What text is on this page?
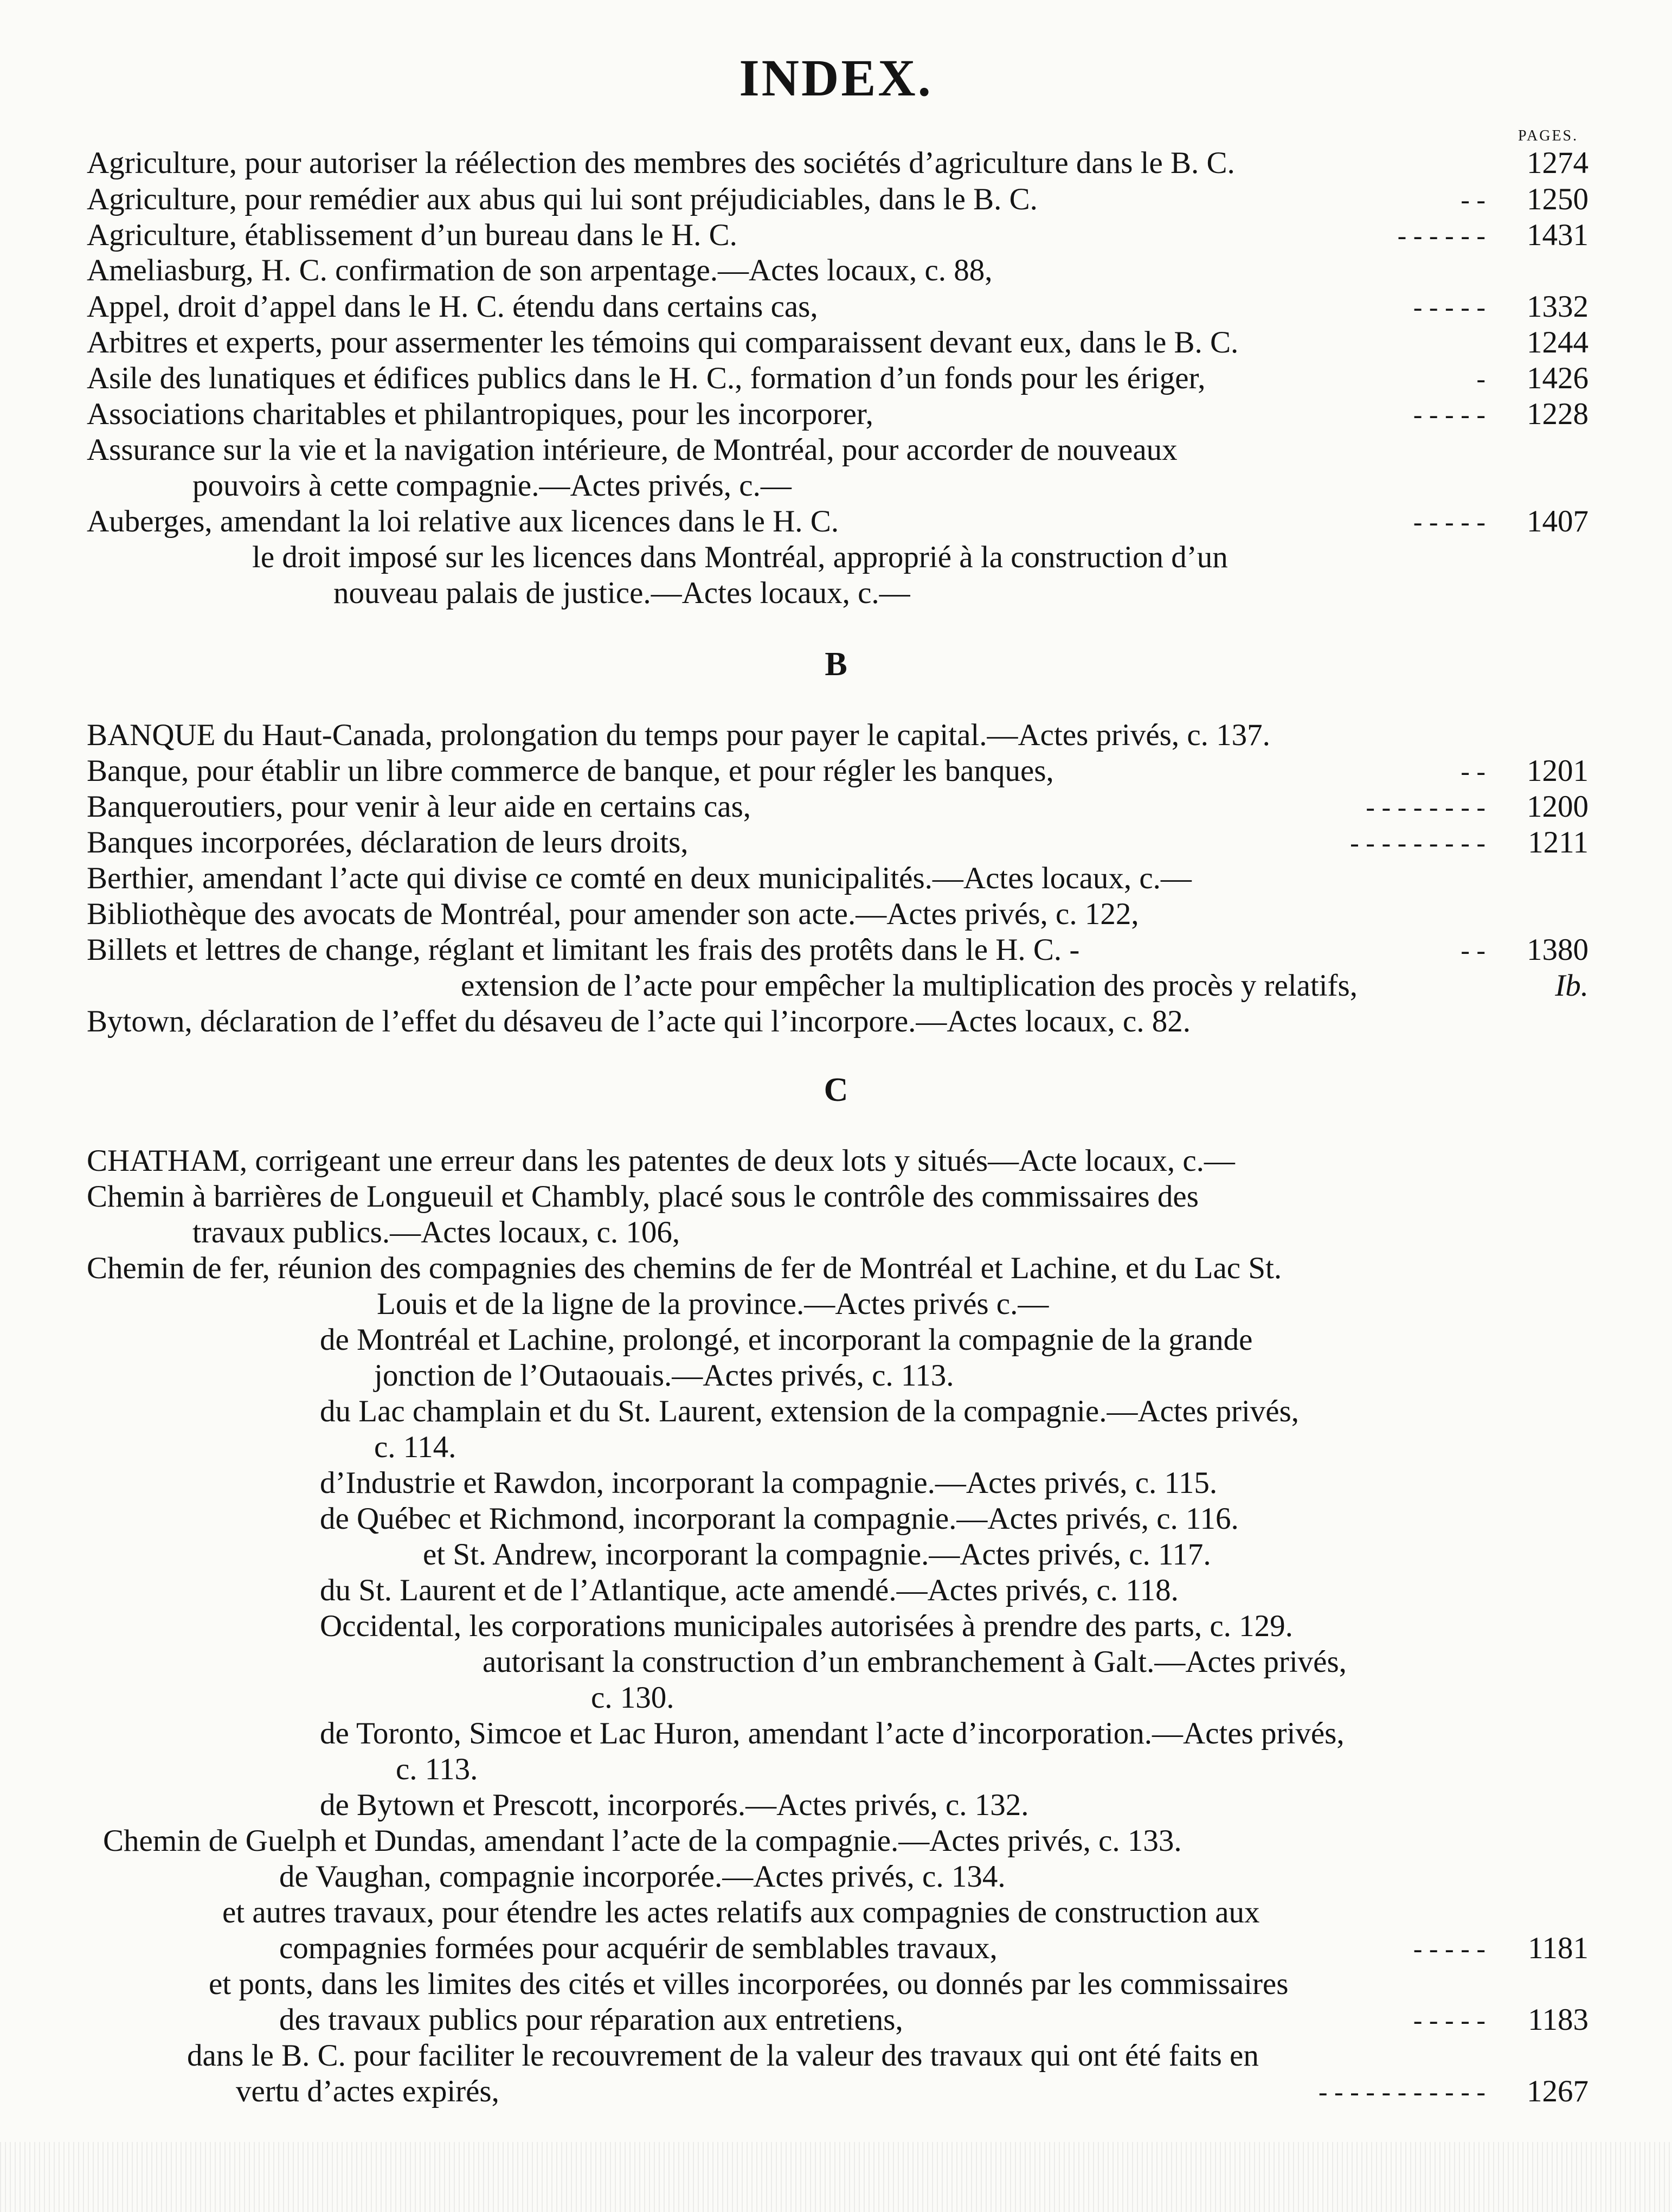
INDEX.
PAGES.
B
C
Agriculture, pour autoriser la réélection des membres des sociétés d’agriculture dans le B. C.	1274
Agriculture, pour remédier aux abus qui lui sont préjudiciables, dans le B. C.	- -	1250
Agriculture, établissement d’un bureau dans le H. C.	- - - - - -	1431
Ameliasburg, H. C. confirmation de son arpentage.—Actes locaux, c. 88,
Appel, droit d’appel dans le H. C. étendu dans certains cas,	- - - - -	1332
Arbitres et experts, pour assermenter les témoins qui comparaissent devant eux, dans le B. C.	1244
Asile des lunatiques et édifices publics dans le H. C., formation d’un fonds pour les ériger,	-	1426
Associations charitables et philantropiques, pour les incorporer,	- - - - -	1228
Assurance sur la vie et la navigation intérieure, de Montréal, pour accorder de nouveaux
pouvoirs à cette compagnie.—Actes privés, c.—
Auberges, amendant la loi relative aux licences dans le H. C.	- - - - -	1407
le droit imposé sur les licences dans Montréal, approprié à la construction d’un
nouveau palais de justice.—Actes locaux, c.—
BANQUE du Haut-Canada, prolongation du temps pour payer le capital.—Actes privés, c. 137.
Banque, pour établir un libre commerce de banque, et pour régler les banques,	- -	1201
Banqueroutiers, pour venir à leur aide en certains cas,	- - - - - - - -	1200
Banques incorporées, déclaration de leurs droits,	- - - - - - - - -	1211
Berthier, amendant l’acte qui divise ce comté en deux municipalités.—Actes locaux, c.—
Bibliothèque des avocats de Montréal, pour amender son acte.—Actes privés, c. 122,
Billets et lettres de change, réglant et limitant les frais des protêts dans le H. C. -	- -	1380
extension de l’acte pour empêcher la multiplication des procès y relatifs,	Ib.
Bytown, déclaration de l’effet du désaveu de l’acte qui l’incorpore.—Actes locaux, c. 82.
CHATHAM, corrigeant une erreur dans les patentes de deux lots y situés—Acte locaux, c.—
Chemin à barrières de Longueuil et Chambly, placé sous le contrôle des commissaires des
travaux publics.—Actes locaux, c. 106,
Chemin de fer, réunion des compagnies des chemins de fer de Montréal et Lachine, et du Lac St.
Louis et de la ligne de la province.—Actes privés c.—
de Montréal et Lachine, prolongé, et incorporant la compagnie de la grande
jonction de l’Outaouais.—Actes privés, c. 113.
du Lac champlain et du St. Laurent, extension de la compagnie.—Actes privés,
c. 114.
d’Industrie et Rawdon, incorporant la compagnie.—Actes privés, c. 115.
de Québec et Richmond, incorporant la compagnie.—Actes privés, c. 116.
et St. Andrew, incorporant la compagnie.—Actes privés, c. 117.
du St. Laurent et de l’Atlantique, acte amendé.—Actes privés, c. 118.
Occidental, les corporations municipales autorisées à prendre des parts, c. 129.
autorisant la construction d’un embranchement à Galt.—Actes privés,
c. 130.
de Toronto, Simcoe et Lac Huron, amendant l’acte d’incorporation.—Actes privés,
c. 113.
de Bytown et Prescott, incorporés.—Actes privés, c. 132.
Chemin de Guelph et Dundas, amendant l’acte de la compagnie.—Actes privés, c. 133.
de Vaughan, compagnie incorporée.—Actes privés, c. 134.
et autres travaux, pour étendre les actes relatifs aux compagnies de construction aux
compagnies formées pour acquérir de semblables travaux,	- - - - -	1181
et ponts, dans les limites des cités et villes incorporées, ou donnés par les commissaires
des travaux publics pour réparation aux entretiens,	- - - - -	1183
dans le B. C. pour faciliter le recouvrement de la valeur des travaux qui ont été faits en
vertu d’actes expirés,	- - - - - - - - - - -	1267
